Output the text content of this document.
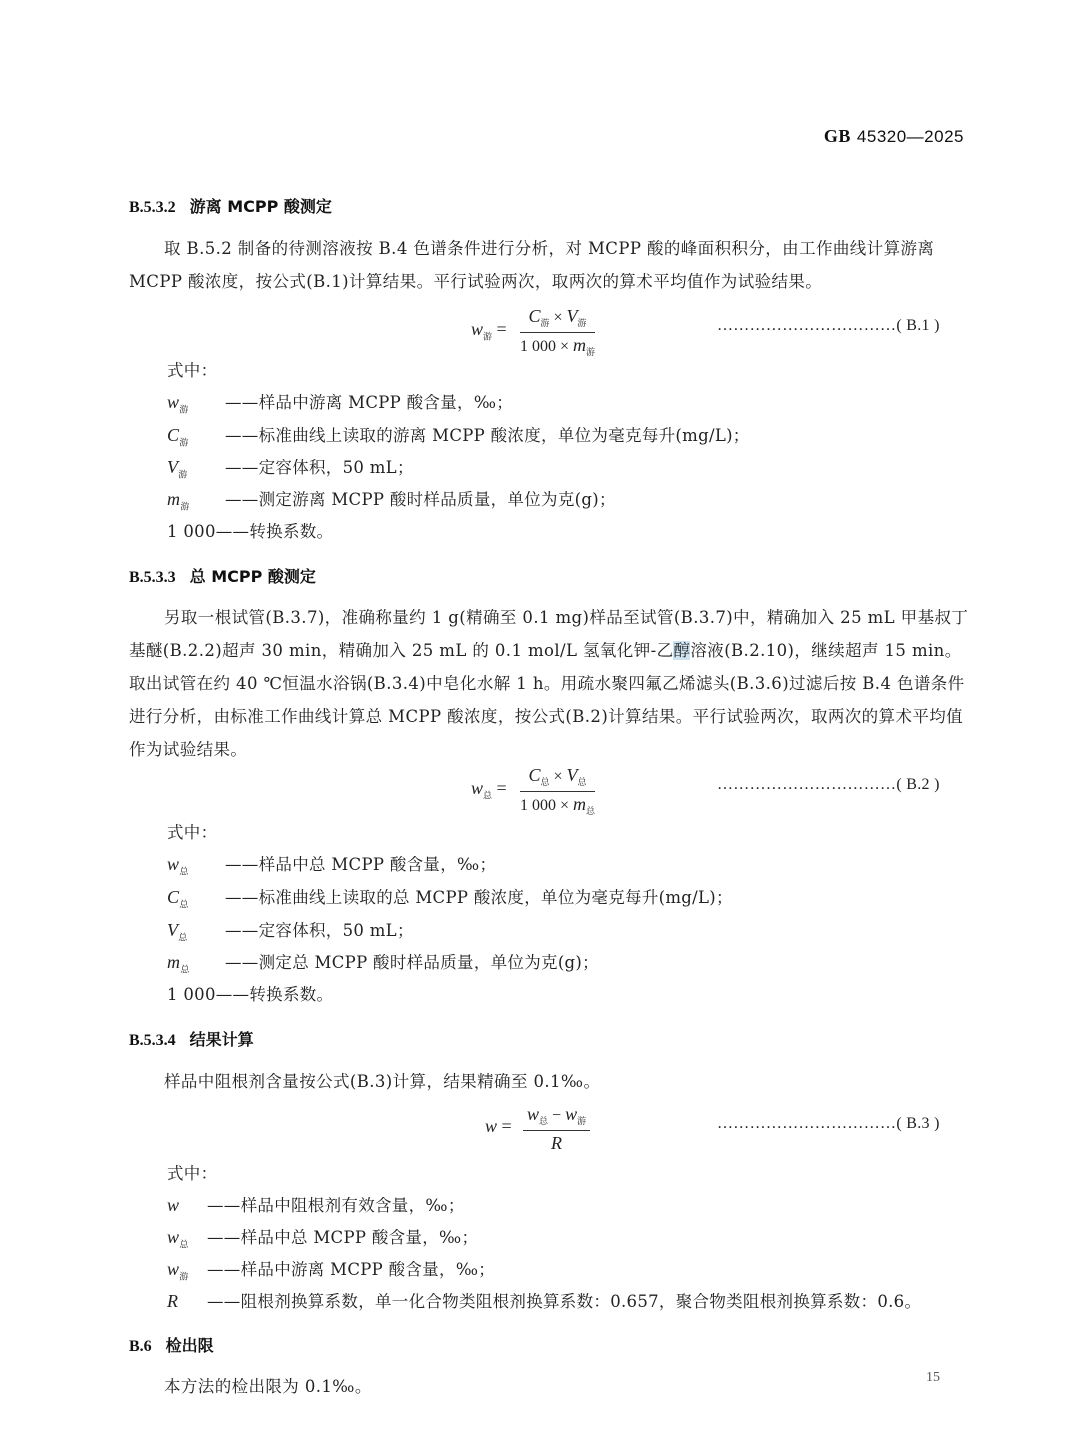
GB 45320—2025
B.5.3.2 游离 MCPP 酸测定
取 B.5.2 制备的待测溶液按 B.4 色谱条件进行分析，对 MCPP 酸的峰面积积分，由工作曲线计算游离 MCPP 酸浓度，按公式(B.1)计算结果。平行试验两次，取两次的算术平均值作为试验结果。
$w_游$ =
$C_游 \times V_游$
1 $000 \times m_游$
……………………………( B.1 )
式中：
$w_游$ ——样品中游离 MCPP 酸含量，‰；
$C_游$ ——标准曲线上读取的游离 MCPP 酸浓度，单位为毫克每升(mg/L)；
$V_游$ ——定容体积，50 mL；
$m_游$ ——测定游离 MCPP 酸时样品质量，单位为克(g)；
1 000——转换系数。
B.5.3.3 总 MCPP 酸测定
另取一根试管(B.3.7)，准确称量约 1 g(精确至 0.1 mg)样品至试管(B.3.7)中，精确加入 25 mL 甲基叔丁基醚(B.2.2)超声 30 min，精确加入 25 mL 的 0.1 mol/L 氢氧化钾-乙醇溶液(B.2.10)，继续超声 15 min。取出试管在约 40 ℃恒温水浴锅(B.3.4)中皂化水解 1 h。用疏水聚四氟乙烯滤头(B.3.6)过滤后按 B.4 色谱条件进行分析，由标准工作曲线计算总 MCPP 酸浓度，按公式(B.2)计算结果。平行试验两次，取两次的算术平均值作为试验结果。
$w_总$ =
$C_总 \times V_总$
1 $000 \times m_总$
……………………………( B.2 )
式中：
$w_总$ ——样品中总 MCPP 酸含量，‰；
$C_总$ ——标准曲线上读取的总 MCPP 酸浓度，单位为毫克每升(mg/L)；
$V_总$ ——定容体积，50 mL；
$m_总$ ——测定总 MCPP 酸时样品质量，单位为克(g)；
1 000——转换系数。
B.5.3.4 结果计算
样品中阻根剂含量按公式(B.3)计算，结果精确至 0.1‰。
w =
$w_总 - w_游$
R
……………………………( B.3 )
式中：
w ——样品中阻根剂有效含量，‰；
$w_总$ ——样品中总 MCPP 酸含量，‰；
$w_游$ ——样品中游离 MCPP 酸含量，‰；
R ——阻根剂换算系数，单一化合物类阻根剂换算系数：0.657，聚合物类阻根剂换算系数：0.6。
B.6 检出限
本方法的检出限为 0.1‰。	15
